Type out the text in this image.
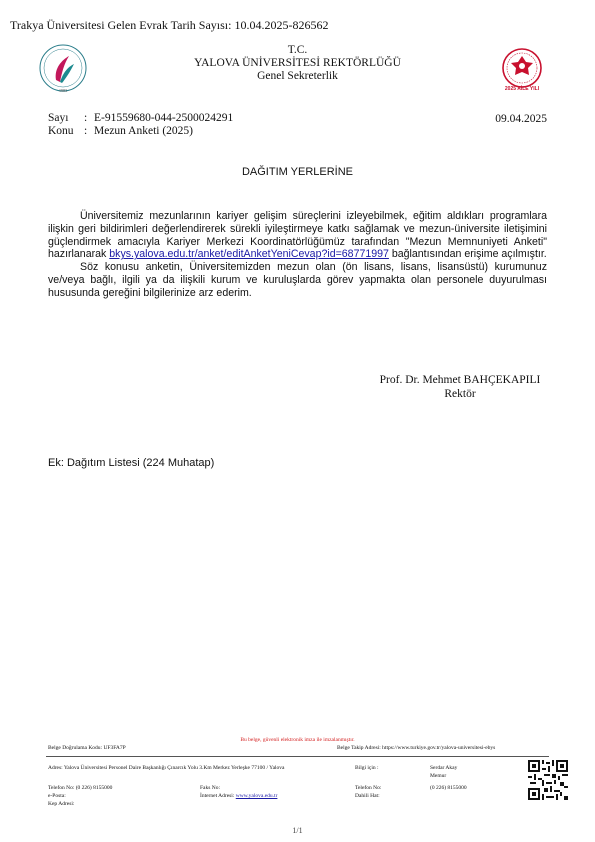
Trakya Üniversitesi Gelen Evrak Tarih Sayısı: 10.04.2025-826562
1983	2025 AİLE YILI
T.C.
YALOVA ÜNİVERSİTESİ REKTÖRLÜĞÜ
Genel Sekreterlik
Sayı : E-91559680-044-2500024291
Konu : Mezun Anketi (2025)
09.04.2025
DAĞITIM YERLERİNE

Üniversitemiz mezunlarının kariyer gelişim süreçlerini izleyebilmek, eğitim aldıkları programlara ilişkin geri bildirimleri değerlendirerek sürekli iyileştirmeye katkı sağlamak ve mezun-üniversite iletişimini güçlendirmek amacıyla Kariyer Merkezi Koordinatörlüğümüz tarafından "Mezun Memnuniyeti Anketi" hazırlanarak bkys.yalova.edu.tr/anket/editAnketYeniCevap?id=68771997 bağlantısından erişime açılmıştır.

Söz konusu anketin, Üniversitemizden mezun olan (ön lisans, lisans, lisansüstü) kurumunuz ve/veya bağlı, ilgili ya da ilişkili kurum ve kuruluşlarda görev yapmakta olan personele duyurulması hususunda gereğini bilgilerinize arz ederim.

Prof. Dr. Mehmet BAHÇEKAPILI
Rektör
Ek: Dağıtım Listesi (224 Muhatap)
Bu belge, güvenli elektronik imza ile imzalanmıştır.
Belge Doğrulama Kodu: UF3FA7P	Belge Takip Adresi: https://www.turkiye.gov.tr/yalova-universitesi-ebys
Adres: Yalova Üniversitesi Personel Daire Başkanlığı Çınarcık Yolu 3.Km Merkez Yerleşke 77100 / Yalova
Telefon No: (0 226) 8155000
e-Posta:
Kep Adresi:
Faks No:
İnternet Adresi: www.yalova.edu.tr
Bilgi için :	Serdar Akay
Memur
Telefon No:	(0 226) 8155000
Dahili Hat:
1/1
